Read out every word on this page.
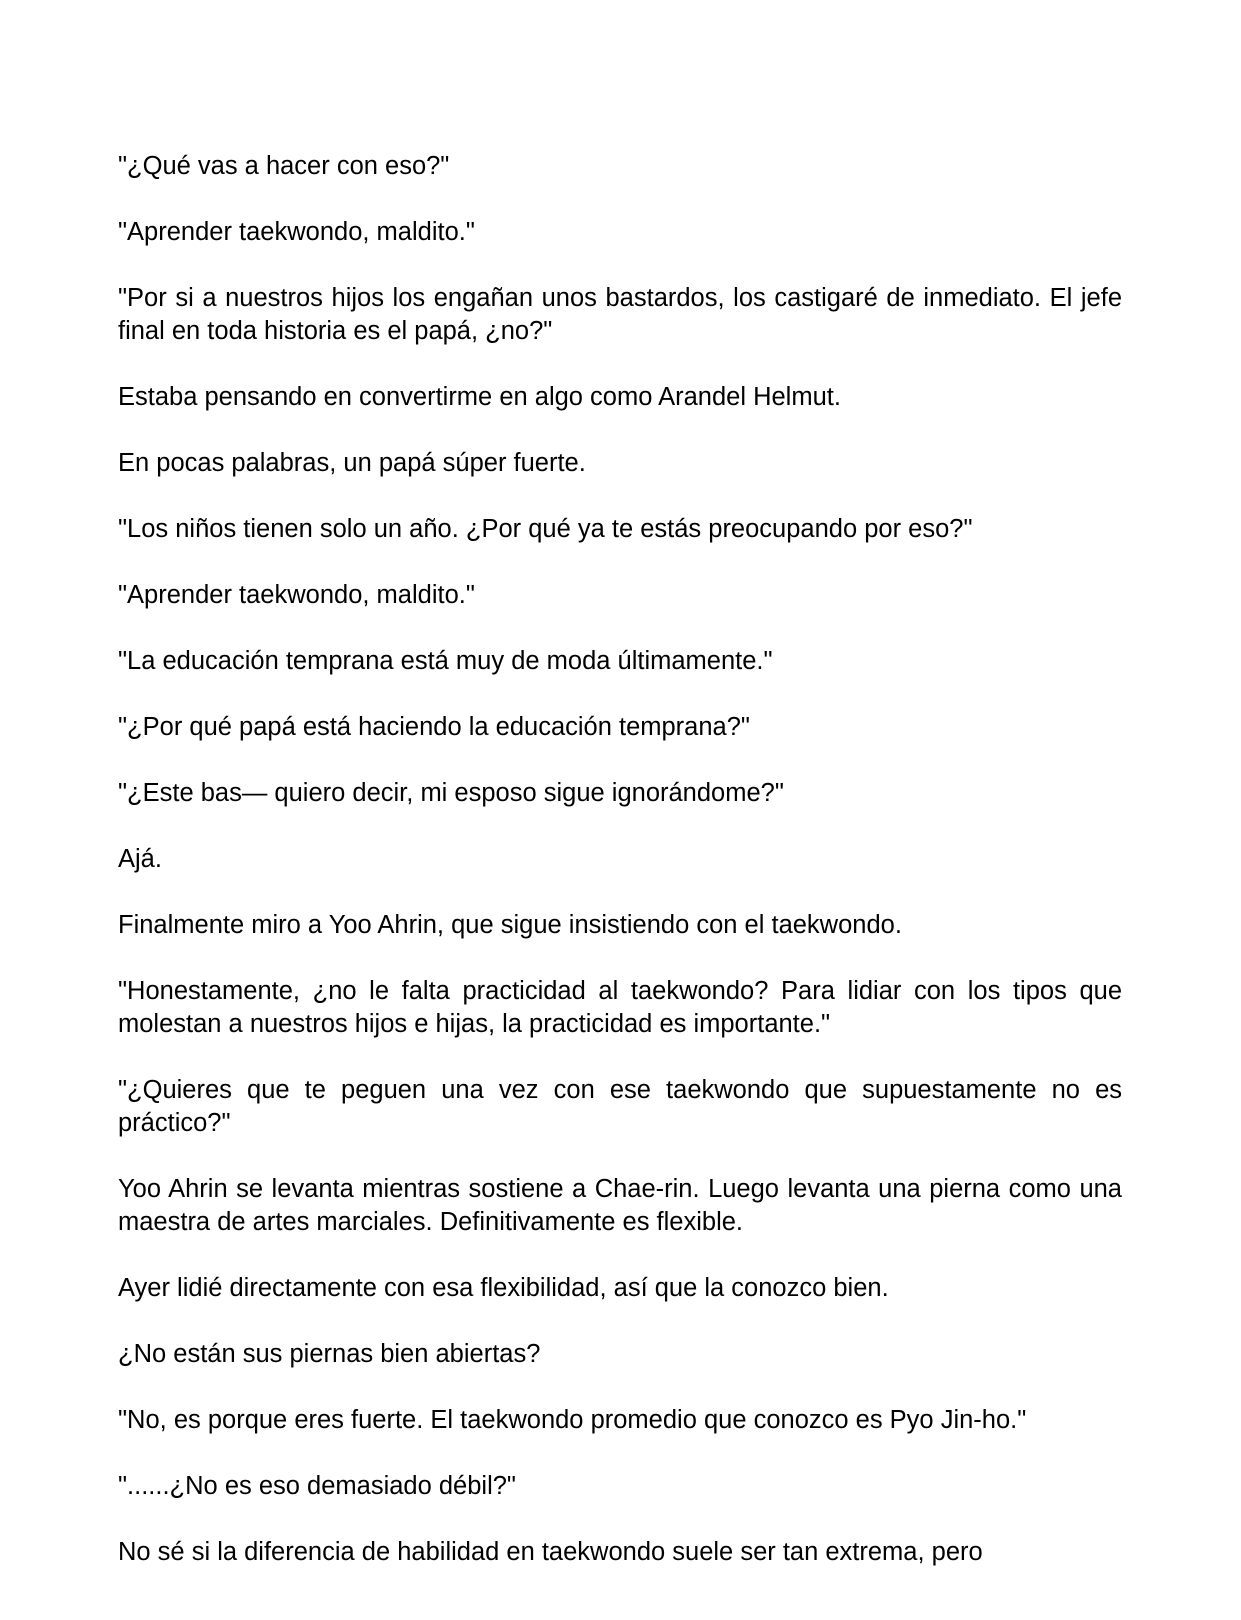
"¿Qué vas a hacer con eso?"

"Aprender taekwondo, maldito."

"Por si a nuestros hijos los engañan unos bastardos, los castigaré de inmediato. El jefe final en toda historia es el papá, ¿no?"

Estaba pensando en convertirme en algo como Arandel Helmut.

En pocas palabras, un papá súper fuerte.

"Los niños tienen solo un año. ¿Por qué ya te estás preocupando por eso?"

"Aprender taekwondo, maldito."

"La educación temprana está muy de moda últimamente."

"¿Por qué papá está haciendo la educación temprana?"

"¿Este bas— quiero decir, mi esposo sigue ignorándome?"

Ajá.

Finalmente miro a Yoo Ahrin, que sigue insistiendo con el taekwondo.

"Honestamente, ¿no le falta practicidad al taekwondo? Para lidiar con los tipos que molestan a nuestros hijos e hijas, la practicidad es importante."

"¿Quieres que te peguen una vez con ese taekwondo que supuestamente no es práctico?"

Yoo Ahrin se levanta mientras sostiene a Chae-rin. Luego levanta una pierna como una maestra de artes marciales. Definitivamente es flexible.

Ayer lidié directamente con esa flexibilidad, así que la conozco bien.

¿No están sus piernas bien abiertas?

"No, es porque eres fuerte. El taekwondo promedio que conozco es Pyo Jin-ho."

"......¿No es eso demasiado débil?"

No sé si la diferencia de habilidad en taekwondo suele ser tan extrema, pero
